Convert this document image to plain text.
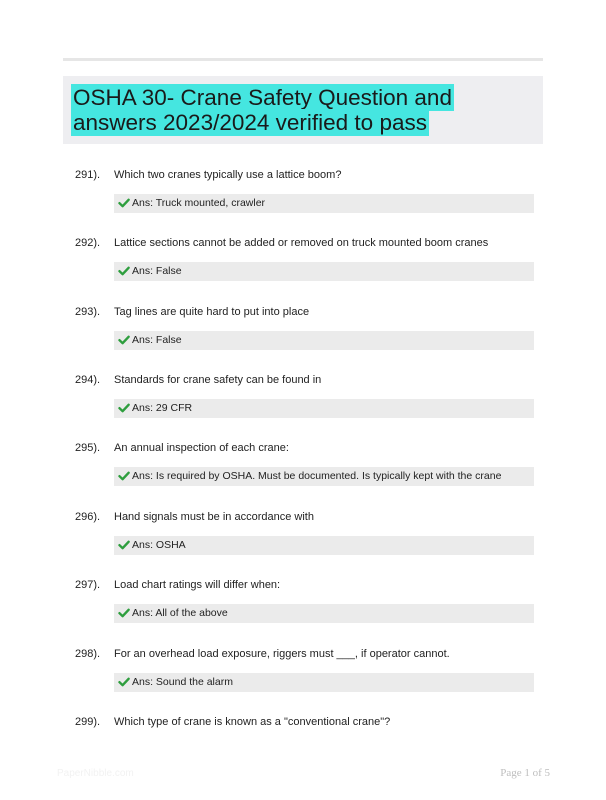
OSHA 30- Crane Safety Question and answers 2023/2024 verified to pass
291). Which two cranes typically use a lattice boom?
Ans: Truck mounted, crawler
292). Lattice sections cannot be added or removed on truck mounted boom cranes
Ans: False
293). Tag lines are quite hard to put into place
Ans: False
294). Standards for crane safety can be found in
Ans: 29 CFR
295). An annual inspection of each crane:
Ans: Is required by OSHA. Must be documented. Is typically kept with the crane
296). Hand signals must be in accordance with
Ans: OSHA
297). Load chart ratings will differ when:
Ans: All of the above
298). For an overhead load exposure, riggers must ___, if operator cannot.
Ans: Sound the alarm
299). Which type of crane is known as a "conventional crane"?
PaperNibble.com	Page 1 of 5
